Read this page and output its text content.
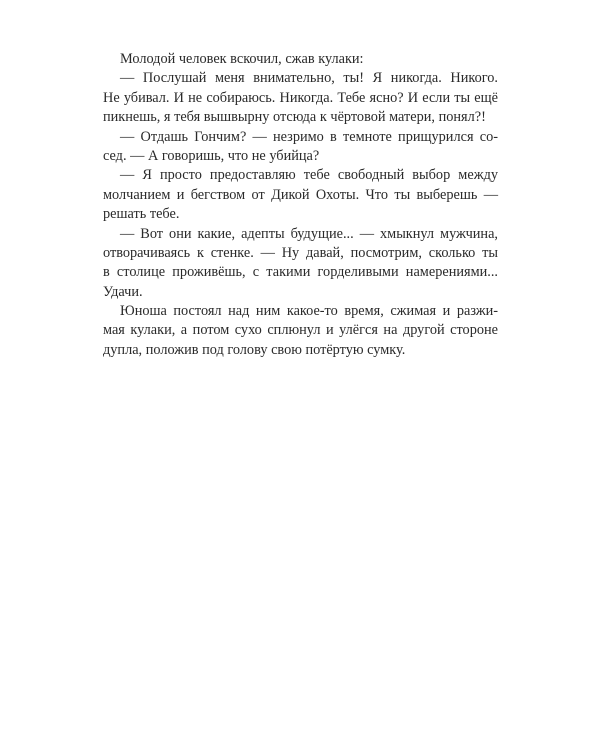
Молодой человек вскочил, сжав кулаки:
— Послушай меня внимательно, ты! Я никогда. Никого.
Не убивал. И не собираюсь. Никогда. Тебе ясно? И если ты ещё
пикнешь, я тебя вышвырну отсюда к чёртовой матери, понял?!
— Отдашь Гончим? — незримо в темноте прищурился со-
сед. — А говоришь, что не убийца?
— Я просто предоставляю тебе свободный выбор между
молчанием и бегством от Дикой Охоты. Что ты выберешь —
решать тебе.
— Вот они какие, адепты будущие... — хмыкнул мужчина,
отворачиваясь к стенке. — Ну давай, посмотрим, сколько ты
в столице проживёшь, с такими горделивыми намерениями...
Удачи.
Юноша постоял над ним какое-то время, сжимая и разжи-
мая кулаки, а потом сухо сплюнул и улёгся на другой стороне
дупла, положив под голову свою потёртую сумку.
